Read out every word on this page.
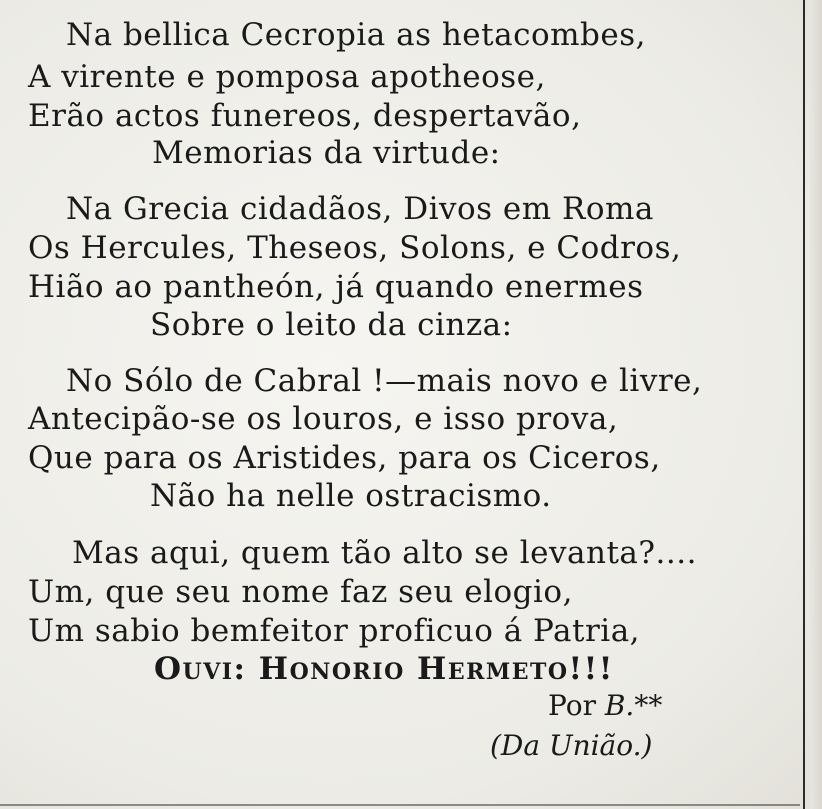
Na bellica Cecropia as hetacombes,
A virente e pomposa apotheose,
Erão actos funereos, despertavão,
Memorias da virtude:
Na Grecia cidadãos, Divos em Roma
Os Hercules, Theseos, Solons, e Codros,
Hião ao pantheón, já quando enermes
Sobre o leito da cinza:
No Sólo de Cabral !—mais novo e livre,
Antecipão-se os louros, e isso prova,
Que para os Aristides, para os Ciceros,
Não ha nelle ostracismo.
Mas aqui, quem tão alto se levanta?....
Um, que seu nome faz seu elogio,
Um sabio bemfeitor proficuo á Patria,
Ouvi: Honorio Hermeto!!!
Por B.**
(Da União.)
